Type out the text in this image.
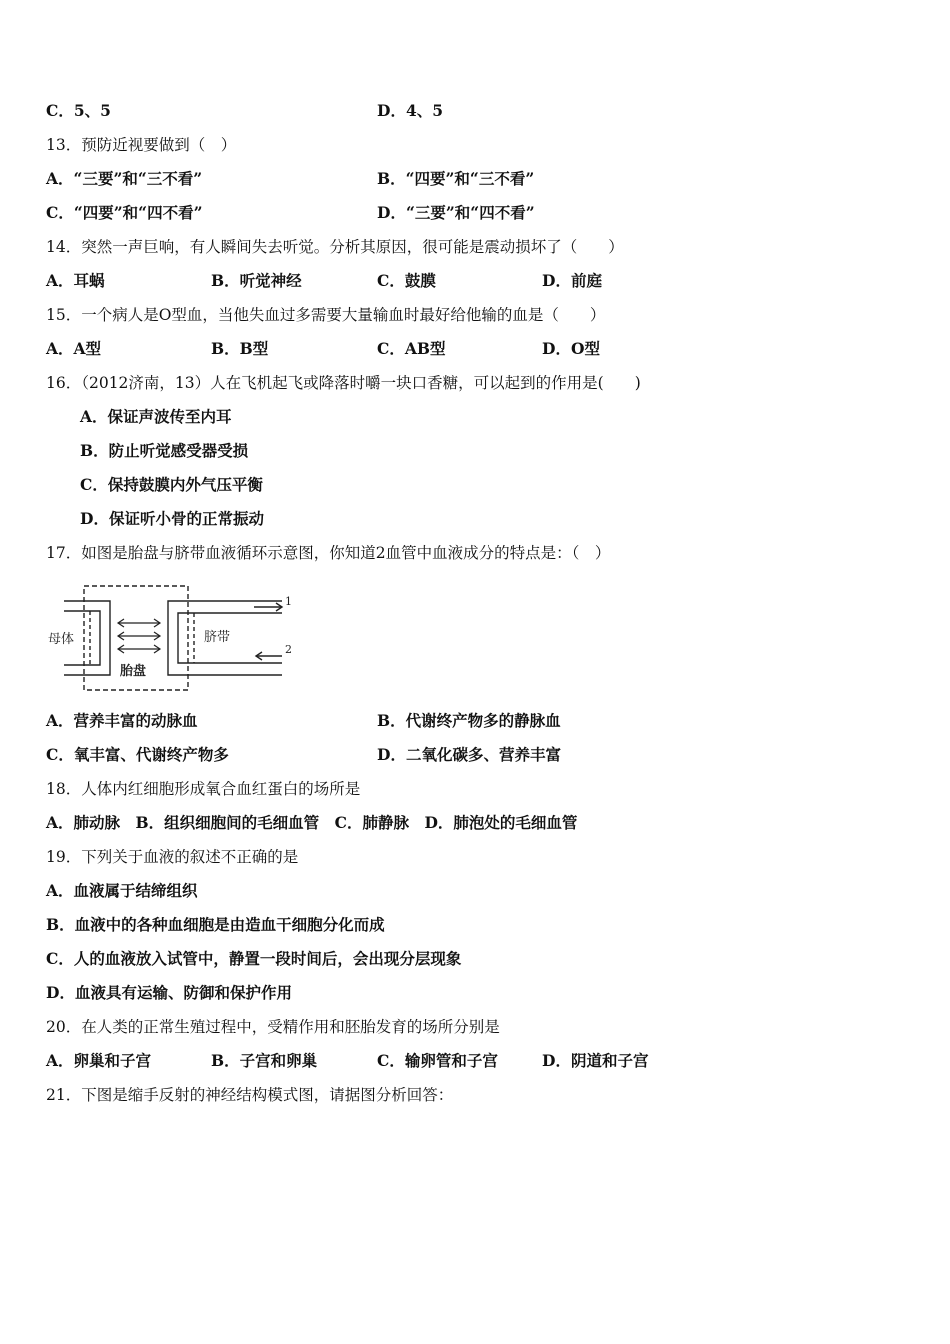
C．5、5	D．4、5
13．预防近视要做到（　）
A．“三要”和“三不看”	B．“四要”和“三不看”
C．“四要”和“四不看”	D．“三要”和“四不看”
14．突然一声巨响，有人瞬间失去听觉。分析其原因，很可能是震动损坏了（　　）
A．耳蜗	B．听觉神经	C．鼓膜	D．前庭
15．一个病人是O型血，当他失血过多需要大量输血时最好给他输的血是（　　）
A．A型	B．B型	C．AB型	D．O型
16．（2012济南，13）人在飞机起飞或降落时嚼一块口香糖，可以起到的作用是(　　)
A．保证声波传至内耳
B．防止听觉感受器受损
C．保持鼓膜内外气压平衡
D．保证听小骨的正常振动
17．如图是胎盘与脐带血液循环示意图，你知道2血管中血液成分的特点是：（　）
母体	脐带
胎盘
1
2
A．营养丰富的动脉血	B．代谢终产物多的静脉血
C．氧丰富、代谢终产物多	D．二氧化碳多、营养丰富
18．人体内红细胞形成氧合血红蛋白的场所是
A．肺动脉　B．组织细胞间的毛细血管　C．肺静脉　D．肺泡处的毛细血管
19．下列关于血液的叙述不正确的是
A．血液属于结缔组织
B．血液中的各种血细胞是由造血干细胞分化而成
C．人的血液放入试管中，静置一段时间后，会出现分层现象
D．血液具有运输、防御和保护作用
20．在人类的正常生殖过程中，受精作用和胚胎发育的场所分别是
A．卵巢和子宫	B．子宫和卵巢	C．输卵管和子宫	D．阴道和子宫
21．下图是缩手反射的神经结构模式图，请据图分析回答：
